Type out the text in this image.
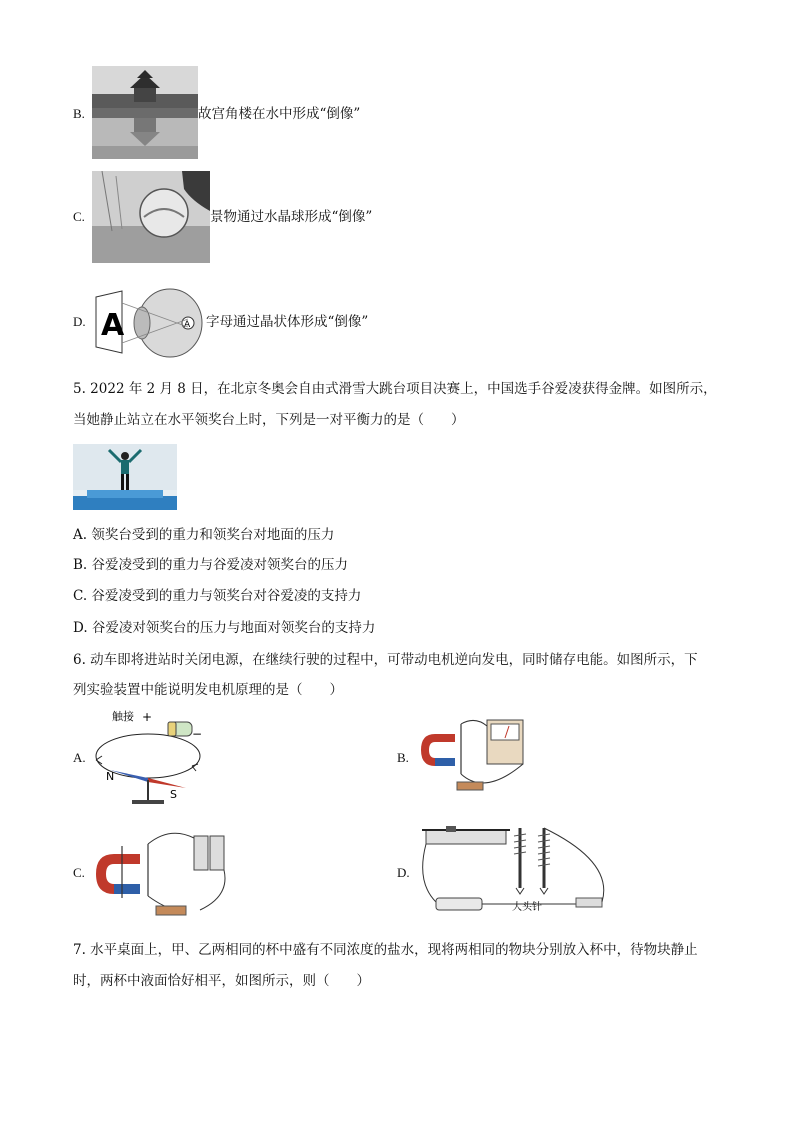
B.	故宫角楼在水中形成“倒像”
C.	景物通过水晶球形成“倒像”
D. A	A 字母通过晶状体形成“倒像”
5. 2022 年 2 月 8 日，在北京冬奥会自由式滑雪大跳台项目决赛上，中国选手谷爱凌获得金牌。如图所示，
当她静止站立在水平领奖台上时，下列是一对平衡力的是（　　）
A. 领奖台受到的重力和领奖台对地面的压力
B. 谷爱凌受到的重力与谷爱凌对领奖台的压力
C. 谷爱凌受到的重力与领奖台对谷爱凌的支持力
D. 谷爱凌对领奖台的压力与地面对领奖台的支持力
6. 动车即将进站时关闭电源，在继续行驶的过程中，可带动电机逆向发电，同时储存电能。如图所示，下
列实验装置中能说明发电机原理的是（　　）
A.
触接 +
−
N
S
B.
C.	D.
大头针
7. 水平桌面上，甲、乙两相同的杯中盛有不同浓度的盐水，现将两相同的物块分别放入杯中，待物块静止
时，两杯中液面恰好相平，如图所示，则（　　）
